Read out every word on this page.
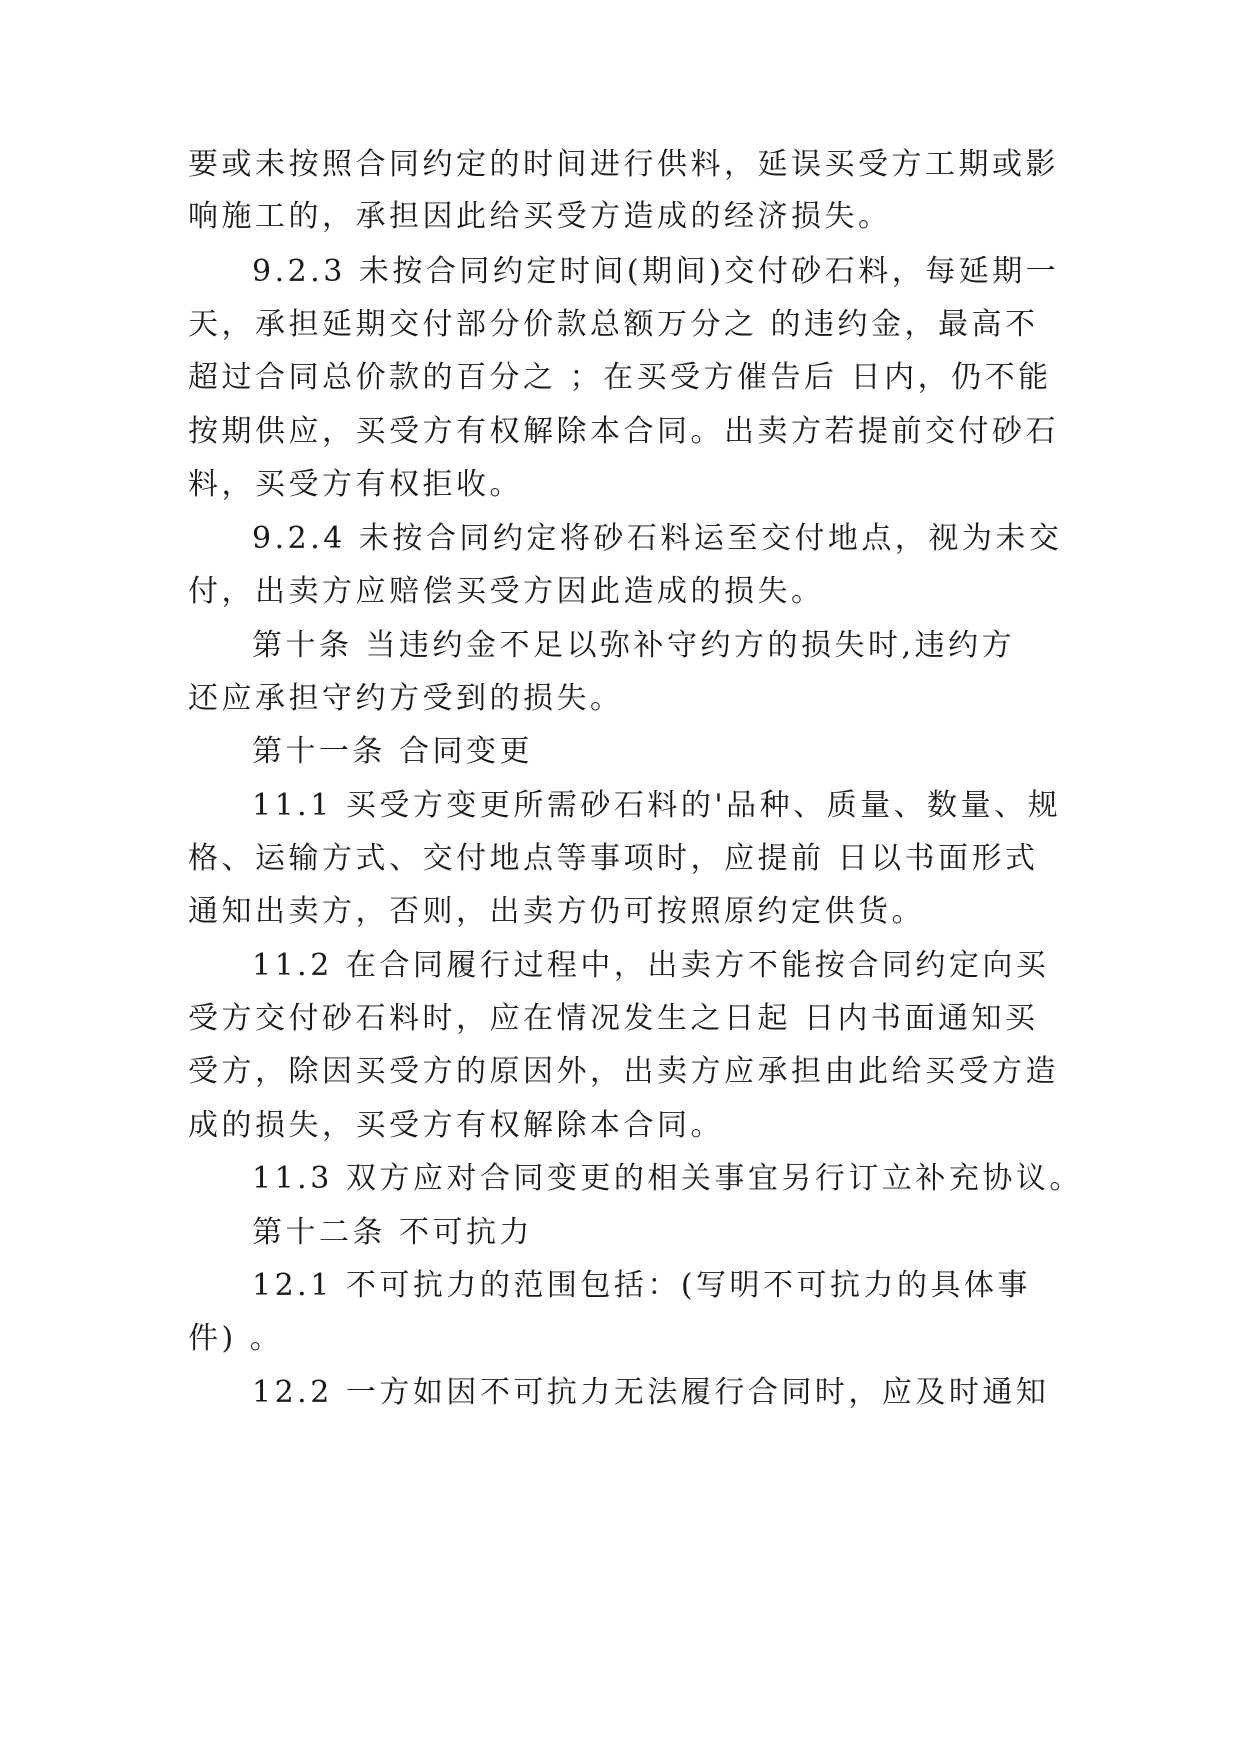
要或未按照合同约定的时间进行供料，延误买受方工期或影
响施工的，承担因此给买受方造成的经济损失。
9.2.3 未按合同约定时间(期间)交付砂石料，每延期一
天，承担延期交付部分价款总额万分之 的违约金，最高不
超过合同总价款的百分之 ；在买受方催告后 日内，仍不能
按期供应，买受方有权解除本合同。出卖方若提前交付砂石
料，买受方有权拒收。
9.2.4 未按合同约定将砂石料运至交付地点，视为未交
付，出卖方应赔偿买受方因此造成的损失。
第十条 当违约金不足以弥补守约方的损失时,违约方
还应承担守约方受到的损失。
第十一条 合同变更
11.1 买受方变更所需砂石料的'品种、质量、数量、规
格、运输方式、交付地点等事项时，应提前 日以书面形式
通知出卖方，否则，出卖方仍可按照原约定供货。
11.2 在合同履行过程中，出卖方不能按合同约定向买
受方交付砂石料时，应在情况发生之日起 日内书面通知买
受方，除因买受方的原因外，出卖方应承担由此给买受方造
成的损失，买受方有权解除本合同。
11.3 双方应对合同变更的相关事宜另行订立补充协议。
第十二条 不可抗力
12.1 不可抗力的范围包括：(写明不可抗力的具体事
件) 。
12.2 一方如因不可抗力无法履行合同时，应及时通知
